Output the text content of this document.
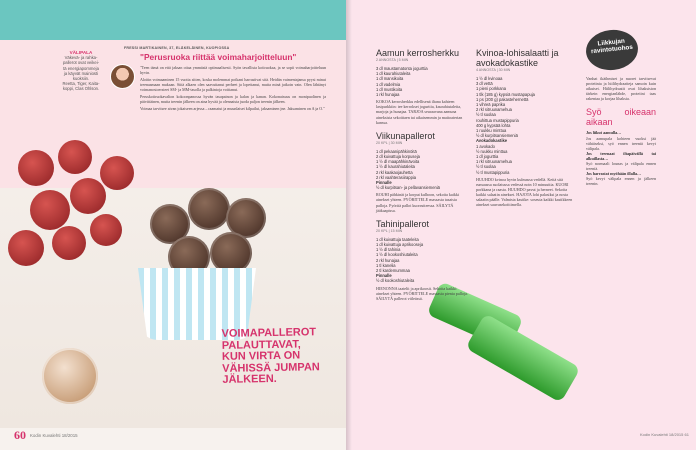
VÄLIPALA
Väkevä- ja rahka-
pallerot ovat veikei-
tä energiapommeja
ja käyvät mainiosti
kuoksiin.
Reetta, Tiger, Kaita-
koppi, Clas Ohlson.
FRESSI MARTIKAINEN, 37, ELÄKELÄINEN, KUOPIOSSA
"Perusruoka riittää voimaharjoitteluun"

"Teen tämä on että jaksan ottaa ymmästä optimaalisesti. Syön tavallista kotiruokaa, ja se sopii voimaharjoitteluun hyvin.

Aloitin voimaaminen 15 vuotta sitten, koska molemmat poikani harrastivat sitä. Heidän vaimentajansa pyysi minut treenaamaan mukaan. Siitä alkaen olen saavuttanut perheet ja lopettanut, mutta minä jatkoin vain. Olen lähtänyt voimanostoersteet SM- ja MM-tasolla ja palkintoja voittanut.

Peruskotiruokavalion kokoonpanossa hyvän tasapainon ja kalan ja kanan. Kokonaisuus on monipuolinen ja päivittäinen, mutta treenin jälkeen on aina hyvää ja olennaista juoda paljon treenin jälkeen.

Voimaa tarvitsee aivan jokaiseen arjessa – raamatut ja muunlaiset kilpailut, jaksaminen jne. Jaksaminen on A ja O."

VOIMAPALLEROT PALAUTTAVAT, KUN VIRTA ON VÄHISSÄ JUMPAN JÄLKEEN.
60 Kodin Kuvalehti 18/2015
Aamun kerrosherkku
2 ANNOSTA | 5 MIN
3 dl maustamatonta jogurttia
1 dl kaurahiutaleita
1 dl mansikoita
1 dl vadelmia
1 dl mustikoita
1 rkl hunajaa

KOKOA kerrosherkku edellisenä iltana kahteen lasipurkkiin: tee kerrokset jogurttia, kaurahiutaleita, marjoja ja hunajaa. TARJOA seuraavana aamuna aineksista sekoittaen tai aikaisemmin ja maitoaterian kanssa.

Viikunapallerot
20 KPL | 30 MIN
1 dl pekaanipähkinöitä
2 dl kuivattuja korpuseja
1 ½ dl maapähkinävoita
1 ½ dl kaurahiutaleita
2 rkl kaakaojauhetta
2 rkl vaahterasiirappia
Pinnalle
½ dl kurpitsan- ja pellavansiemeniä

ROUHI pähkinät ja korput kulhoon, sekoita kaikki ainekset yhteen. PYÖRITTELE massasta tasaisia palloja. Pyöritä pallot kuorrutteessa. SÄILYTÄ jääkaapissa.

Tahinipallerot
20 KPL | 15 MIN
1 dl kuivattuja taateleita
1 dl kuivattuja aprikooseja
1 ½ dl tahinia
1 ½ dl kookoshiutaleita
2 rkl hunajaa
1 tl kanelia
2 tl kardemummaa
Pinnalle
½ dl kookoshiutaleita

HIENONNA taatelit ja aprikoosit. Sekoita kaikki ainekset yhteen. PYÖRITTELE massasta pienia palloja. SÄILYTÄ pallerot viileässä.

Kvinoa-lohisalaatti ja avokadokastike
4 ANNOSTA | 30 MIN
1 ½ dl kvinoaa
3 dl vettä
1 pieni porkkana
1 tlk (185 g) kypsiä mustapapuja
1 ps (200 g) pakastehernettä
1 vihreä paprika
2 rkl sitruunamehua
½ tl suolaa
rouhittua mustapippuria
400 g kypsää lohta
1 ruukku minttua
½ dl kurpitsansiemeniä
Avokadokastike
1 avokado
½ ruukku minttua
1 dl jogurttia
1 rkl sitruunamehua
½ tl suolaa
½ tl mustapippuria

HUUHDO kvinoa hyvin kulmassa vedellä. Keitä sitä runsaassa suolatussa vedessä noin 10 minuuttia. KUORI porkkana ja raasta. HUUHDO pavut ja herneet. Sekoita kaikki salaatin ainekset. HAJOTA lohi palasiksi ja nosta salaatin päälle. Valmista kastike: soseuta kaikki kastikkeen ainekset sauvasekoittimella.

Liikkujan ravintotuohos

Vanhat ikäihmiset ja nuoret tarvitsevat proteiinia ja hiilihydraatteja samoin kuin aikuiset. Hiilihydraatit ovat lihaksiston tärkein energianlähde, proteiini taas rakentaa ja korjaa lihaksia.

Syö oikeaan aikaan
Jos liikut aamulla…

Jos aamupala kohteen vuoksi jää vähäiseksi, syö ennen treeniä kevyt välipala.

Jos treenaat iltapäivällä tai alkuillasta…

Syö normaali lounas ja välipala ennen treeniä.

Jos harrastat myöhään illalla…

Syö kevyt välipala ennen ja jälkeen treenin.

Kodin Kuvalehti 18/2015 61
